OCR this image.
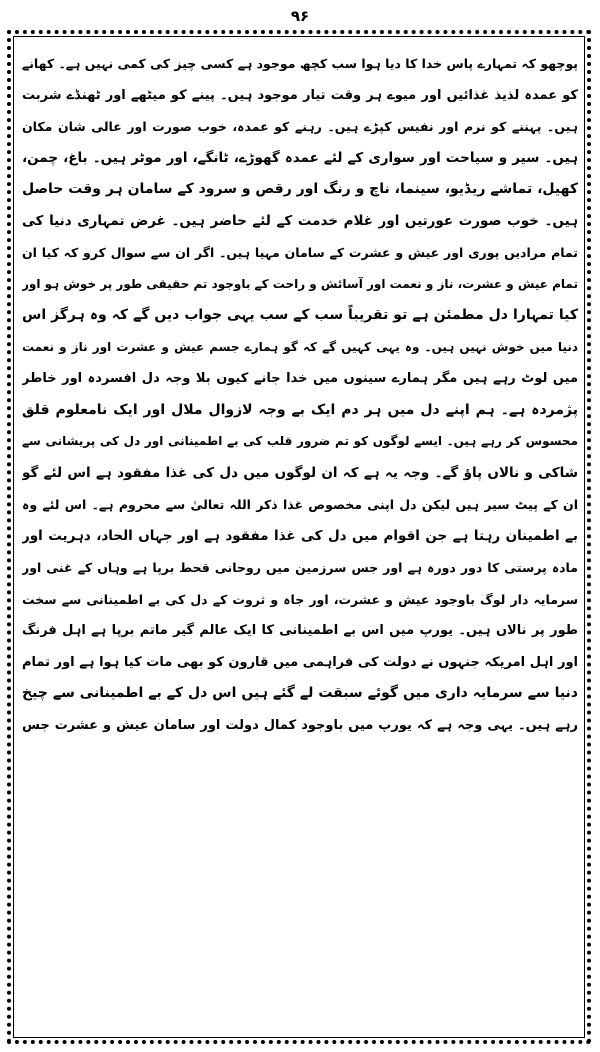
۹۶
پوچھو کہ تمہارے پاس خدا کا دیا ہوا سب کچھ موجود ہے کسی چیز کی کمی نہیں ہے۔ کھانے
کو عمدہ لذیذ غذائیں اور میوے ہر وقت تیار موجود ہیں۔ پینے کو میٹھے اور ٹھنڈے شربت
ہیں۔ پہننے کو نرم اور نفیس کپڑے ہیں۔ رہنے کو عمدہ، خوب صورت اور عالی شان مکان
ہیں۔ سیر و سیاحت اور سواری کے لئے عمدہ گھوڑے، ٹانگے، اور موٹر ہیں۔ باغ، چمن،
کھیل، تماشے ریڈیو، سینما، ناچ و رنگ اور رقص و سرود کے سامان ہر وقت حاصل
ہیں۔ خوب صورت عورتیں اور غلام خدمت کے لئے حاضر ہیں۔ غرض تمہاری دنیا کی
تمام مرادیں پوری اور عیش و عشرت کے سامان مہیا ہیں۔ اگر ان سے سوال کرو کہ کیا ان
تمام عیش و عشرت، ناز و نعمت اور آسائش و راحت کے باوجود تم حقیقی طور پر خوش ہو اور
کیا تمہارا دل مطمئن ہے تو تقریباً سب کے سب یہی جواب دیں گے کہ وہ ہرگز اس
دنیا میں خوش نہیں ہیں۔ وہ یہی کہیں گے کہ گو ہمارے جسم عیش و عشرت اور ناز و نعمت
میں لوٹ رہے ہیں مگر ہمارے سینوں میں خدا جانے کیوں بلا وجہ دل افسردہ اور خاطر
پژمردہ ہے۔ ہم اپنے دل میں ہر دم ایک بے وجہ لازوال ملال اور ایک نامعلوم قلق
محسوس کر رہے ہیں۔ ایسے لوگوں کو تم ضرور قلب کی بے اطمینانی اور دل کی پریشانی سے
شاکی و نالاں پاؤ گے۔ وجہ یہ ہے کہ ان لوگوں میں دل کی غذا مفقود ہے اس لئے گو
ان کے پیٹ سیر ہیں لیکن دل اپنی مخصوص غذا ذکر اللہ تعالیٰ سے محروم ہے۔ اس لئے وہ
بے اطمینان رہتا ہے جن اقوام میں دل کی غذا مفقود ہے اور جہاں الحاد، دہریت اور
مادہ پرستی کا دور دورہ ہے اور جس سرزمین میں روحانی قحط برپا ہے وہاں کے غنی اور
سرمایہ دار لوگ باوجود عیش و عشرت، اور جاہ و ثروت کے دل کی بے اطمینانی سے سخت
طور پر نالاں ہیں۔ یورپ میں اس بے اطمینانی کا ایک عالم گیر ماتم برپا ہے اہل فرنگ
اور اہل امریکہ جنہوں نے دولت کی فراہمی میں قارون کو بھی مات کیا ہوا ہے اور تمام
دنیا سے سرمایہ داری میں گوئے سبقت لے گئے ہیں اس دل کے بے اطمینانی سے چیخ
رہے ہیں۔ یہی وجہ ہے کہ یورپ میں باوجود کمال دولت اور سامان عیش و عشرت جس
